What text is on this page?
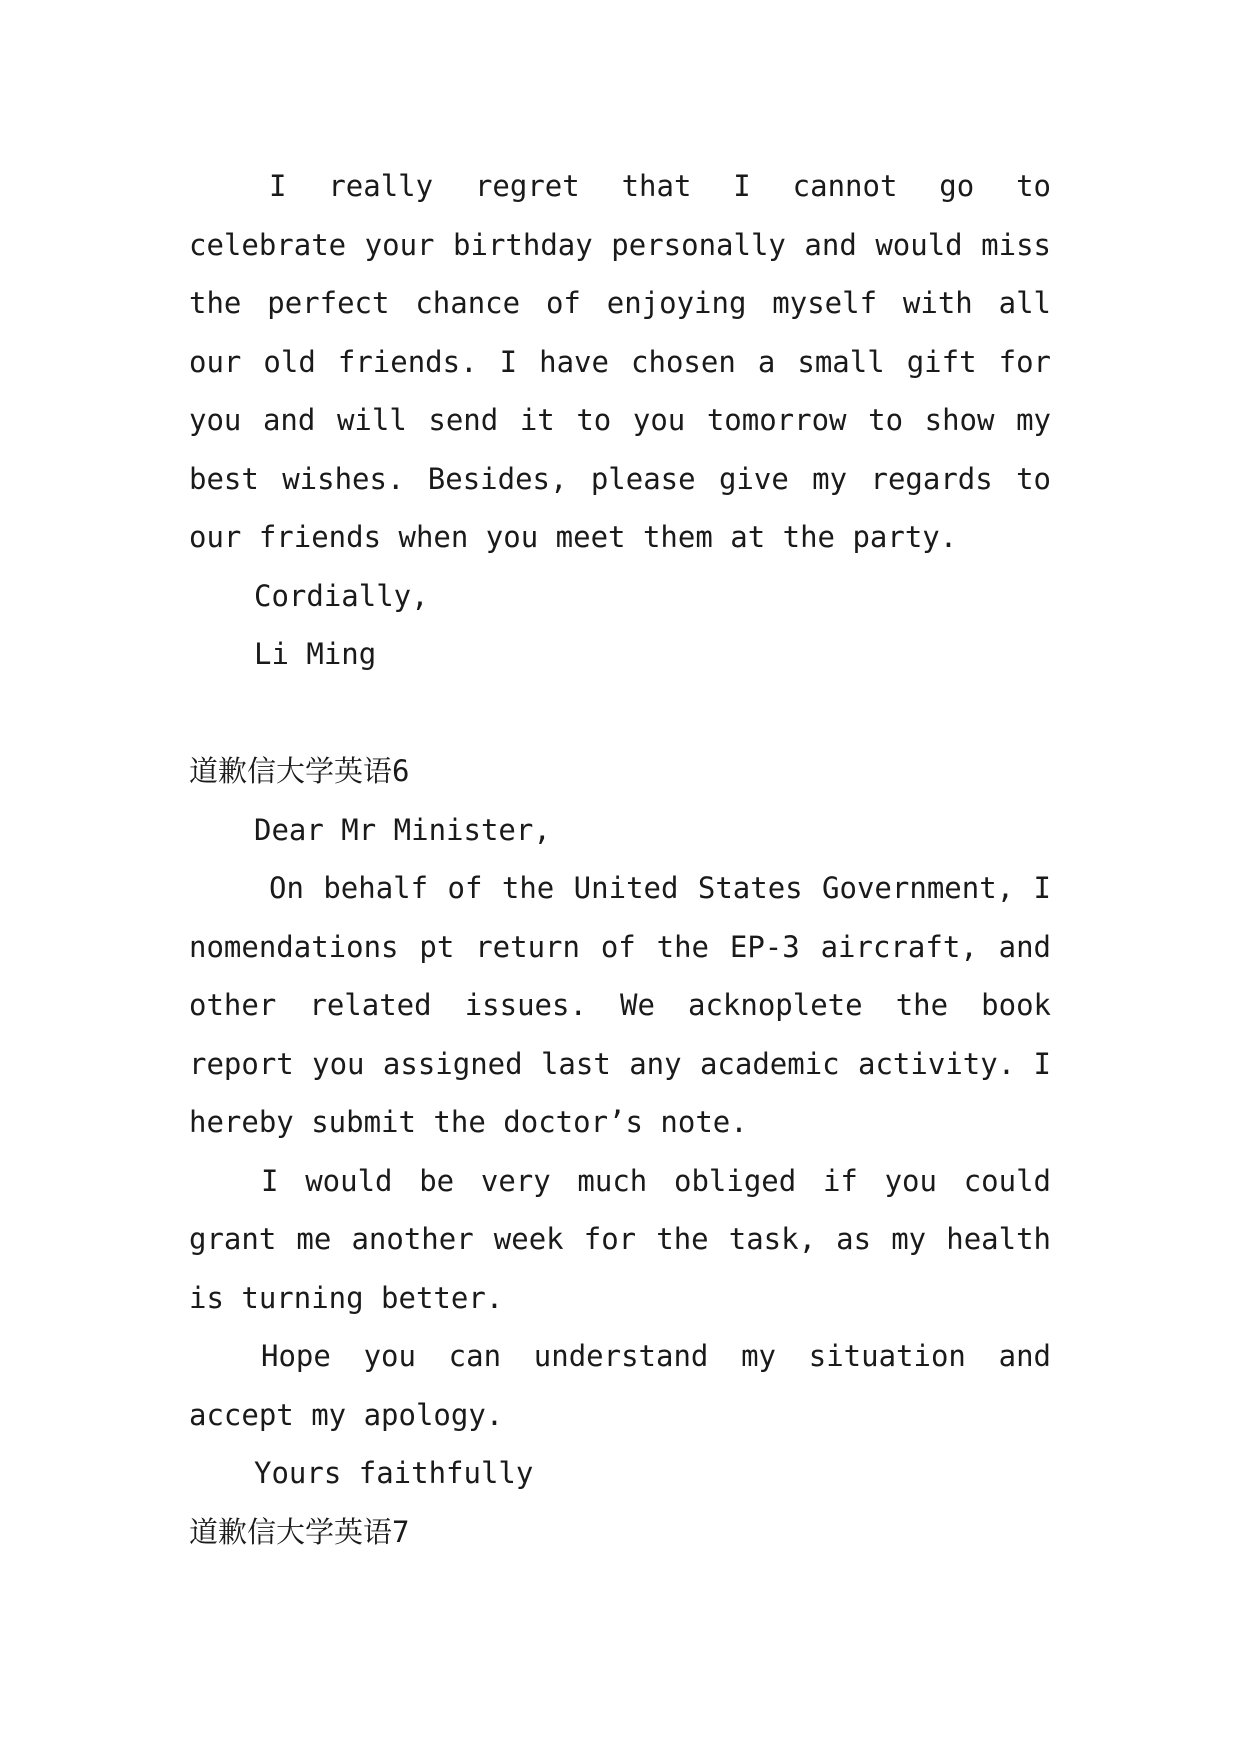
I really regret that I cannot go to celebrate your birthday personally and would miss the perfect chance of enjoying myself with all our old friends. I have chosen a small gift for you and will send it to you tomorrow to show my best wishes. Besides, please give my regards to our friends when you meet them at the party.

Cordially,

Li Ming

道歉信大学英语6

Dear Mr Minister,

On behalf of the United States Government, I nomendations pt return of the EP-3 aircraft, and other related issues. We acknoplete the book report you assigned last any academic activity. I hereby submit the doctor’s note.

I would be very much obliged if you could grant me another week for the task, as my health is turning better.

Hope you can understand my situation and accept my apology.

Yours faithfully

道歉信大学英语7
